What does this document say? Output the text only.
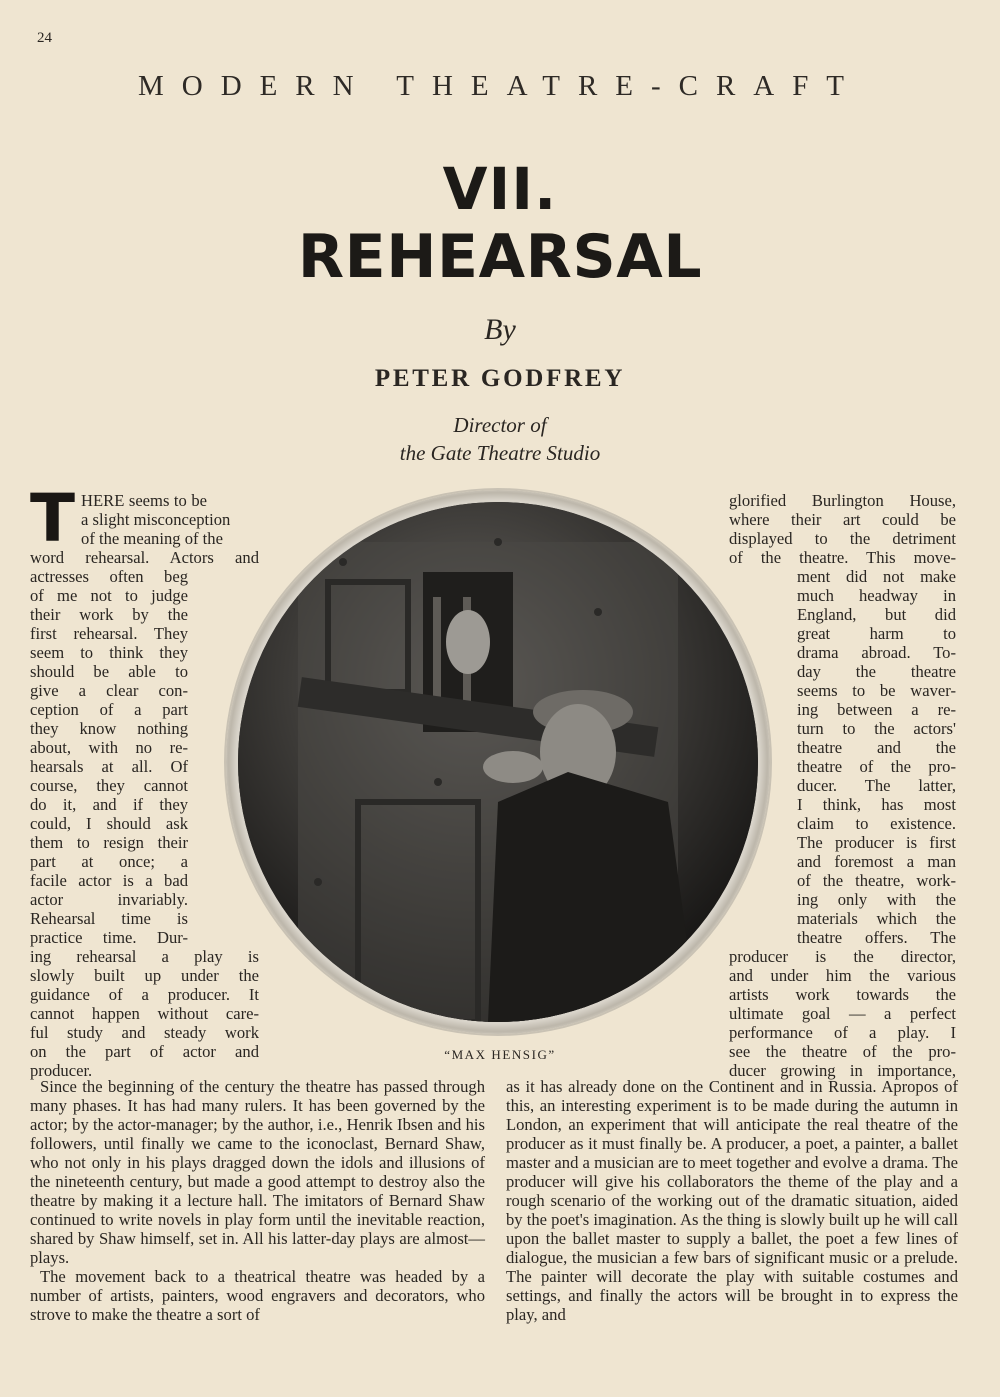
24
MODERN THEATRE-CRAFT
VII.
REHEARSAL
By
PETER GODFREY
Director of
the Gate Theatre Studio
T HERE seems to be
a slight misconception
of the meaning of the
word rehearsal. Actors and
actresses often beg
of me not to judge
their work by the
first rehearsal. They
seem to think they
should be able to
give a clear con-
ception of a part
they know nothing
about, with no re-
hearsals at all. Of
course, they cannot
do it, and if they
could, I should ask
them to resign their
part at once; a
facile actor is a bad
actor invariably.
Rehearsal time is
practice time. Dur-
ing rehearsal a play is
slowly built up under the
guidance of a producer. It
cannot happen without care-
ful study and steady work
on the part of actor and
producer.
glorified Burlington House,
where their art could be
displayed to the detriment
of the theatre. This move-
ment did not make
much headway in
England, but did
great harm to
drama abroad. To-
day the theatre
seems to be waver-
ing between a re-
turn to the actors'
theatre and the
theatre of the pro-
ducer. The latter,
I think, has most
claim to existence.
The producer is first
and foremost a man
of the theatre, work-
ing only with the
materials which the
theatre offers. The
producer is the director,
and under him the various
artists work towards the
ultimate goal — a perfect
performance of a play. I
see the theatre of the pro-
ducer growing in importance,
“MAX HENSIG”

Since the beginning of the century the theatre has passed through many phases. It has had many rulers. It has been governed by the actor; by the actor-manager; by the author, i.e., Henrik Ibsen and his followers, until finally we came to the iconoclast, Bernard Shaw, who not only in his plays dragged down the idols and illusions of the nineteenth century, but made a good attempt to destroy also the theatre by making it a lecture hall. The imitators of Bernard Shaw continued to write novels in play form until the inevitable reaction, shared by Shaw himself, set in. All his latter-day plays are almost—plays.

The movement back to a theatrical theatre was headed by a number of artists, painters, wood engravers and decorators, who strove to make the theatre a sort of

as it has already done on the Continent and in Russia. Apropos of this, an interesting experiment is to be made during the autumn in London, an experiment that will anticipate the real theatre of the producer as it must finally be. A producer, a poet, a painter, a ballet master and a musician are to meet together and evolve a drama. The producer will give his collaborators the theme of the play and a rough scenario of the working out of the dramatic situation, aided by the poet's imagination. As the thing is slowly built up he will call upon the ballet master to supply a ballet, the poet a few lines of dialogue, the musician a few bars of significant music or a prelude. The painter will decorate the play with suitable costumes and settings, and finally the actors will be brought in to express the play, and
